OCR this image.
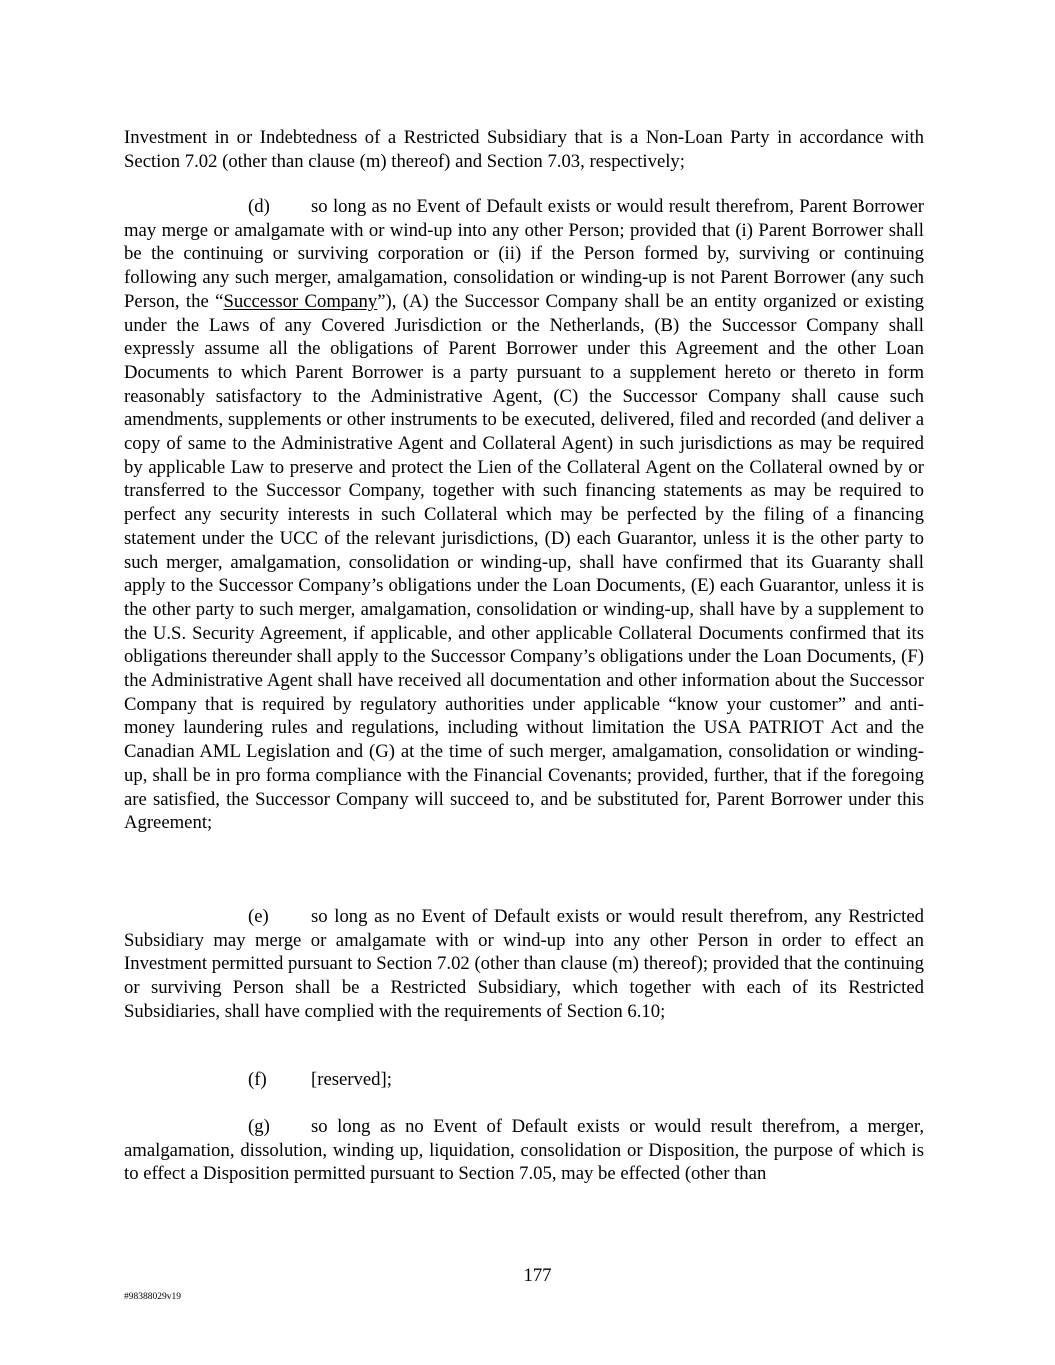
Investment in or Indebtedness of a Restricted Subsidiary that is a Non-Loan Party in accordance with Section 7.02 (other than clause (m) thereof) and Section 7.03, respectively;

(d) so long as no Event of Default exists or would result therefrom, Parent Borrower may merge or amalgamate with or wind-up into any other Person; provided that (i) Parent Borrower shall be the continuing or surviving corporation or (ii) if the Person formed by, surviving or continuing following any such merger, amalgamation, consolidation or winding-up is not Parent Borrower (any such Person, the “Successor Company”), (A) the Successor Company shall be an entity organized or existing under the Laws of any Covered Jurisdiction or the Netherlands, (B) the Successor Company shall expressly assume all the obligations of Parent Borrower under this Agreement and the other Loan Documents to which Parent Borrower is a party pursuant to a supplement hereto or thereto in form reasonably satisfactory to the Administrative Agent, (C) the Successor Company shall cause such amendments, supplements or other instruments to be executed, delivered, filed and recorded (and deliver a copy of same to the Administrative Agent and Collateral Agent) in such jurisdictions as may be required by applicable Law to preserve and protect the Lien of the Collateral Agent on the Collateral owned by or transferred to the Successor Company, together with such financing statements as may be required to perfect any security interests in such Collateral which may be perfected by the filing of a financing statement under the UCC of the relevant jurisdictions, (D) each Guarantor, unless it is the other party to such merger, amalgamation, consolidation or winding-up, shall have confirmed that its Guaranty shall apply to the Successor Company’s obligations under the Loan Documents, (E) each Guarantor, unless it is the other party to such merger, amalgamation, consolidation or winding-up, shall have by a supplement to the U.S. Security Agreement, if applicable, and other applicable Collateral Documents confirmed that its obligations thereunder shall apply to the Successor Company’s obligations under the Loan Documents, (F) the Administrative Agent shall have received all documentation and other information about the Successor Company that is required by regulatory authorities under applicable “know your customer” and anti-money laundering rules and regulations, including without limitation the USA PATRIOT Act and the Canadian AML Legislation and (G) at the time of such merger, amalgamation, consolidation or winding-up, shall be in pro forma compliance with the Financial Covenants; provided, further, that if the foregoing are satisfied, the Successor Company will succeed to, and be substituted for, Parent Borrower under this Agreement;

(e) so long as no Event of Default exists or would result therefrom, any Restricted Subsidiary may merge or amalgamate with or wind-up into any other Person in order to effect an Investment permitted pursuant to Section 7.02 (other than clause (m) thereof); provided that the continuing or surviving Person shall be a Restricted Subsidiary, which together with each of its Restricted Subsidiaries, shall have complied with the requirements of Section 6.10;

(f) [reserved];

(g) so long as no Event of Default exists or would result therefrom, a merger, amalgamation, dissolution, winding up, liquidation, consolidation or Disposition, the purpose of which is to effect a Disposition permitted pursuant to Section 7.05, may be effected (other than

177
#98388029v19
